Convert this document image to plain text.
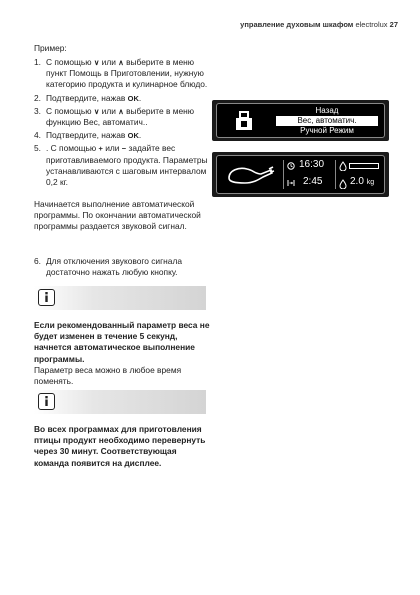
управление духовым шкафом electrolux 27
Пример:
1. С помощью ∨ или ∧ выберите в меню пункт Помощь в Приготовлении, нужную категорию продукта и кулинарное блюдо.
2. Подтвердите, нажав OK.
3. С помощью ∨ или ∧ выберите в меню функцию Вес, автоматич..
4. Подтвердите, нажав OK.
5. . С помощью + или − задайте вес приготавливаемого продукта. Параметры устанавливаются с шаговым интервалом 0,2 кг.
Начинается выполнение автоматической программы. По окончании автоматической программы раздается звуковой сигнал.
6. Для отключения звукового сигнала достаточно нажать любую кнопку.
Если рекомендованный параметр веса не будет изменен в течение 5 секунд, начнется автоматическое выполнение программы.
Параметр веса можно в любое время поменять.
Во всех программах для приготовления птицы продукт необходимо перевернуть через 30 минут. Соответствующая команда появится на дисплее.
Назад
Вес, автоматич.
Ручной Режим
16:30
2:45	2.0 kg
